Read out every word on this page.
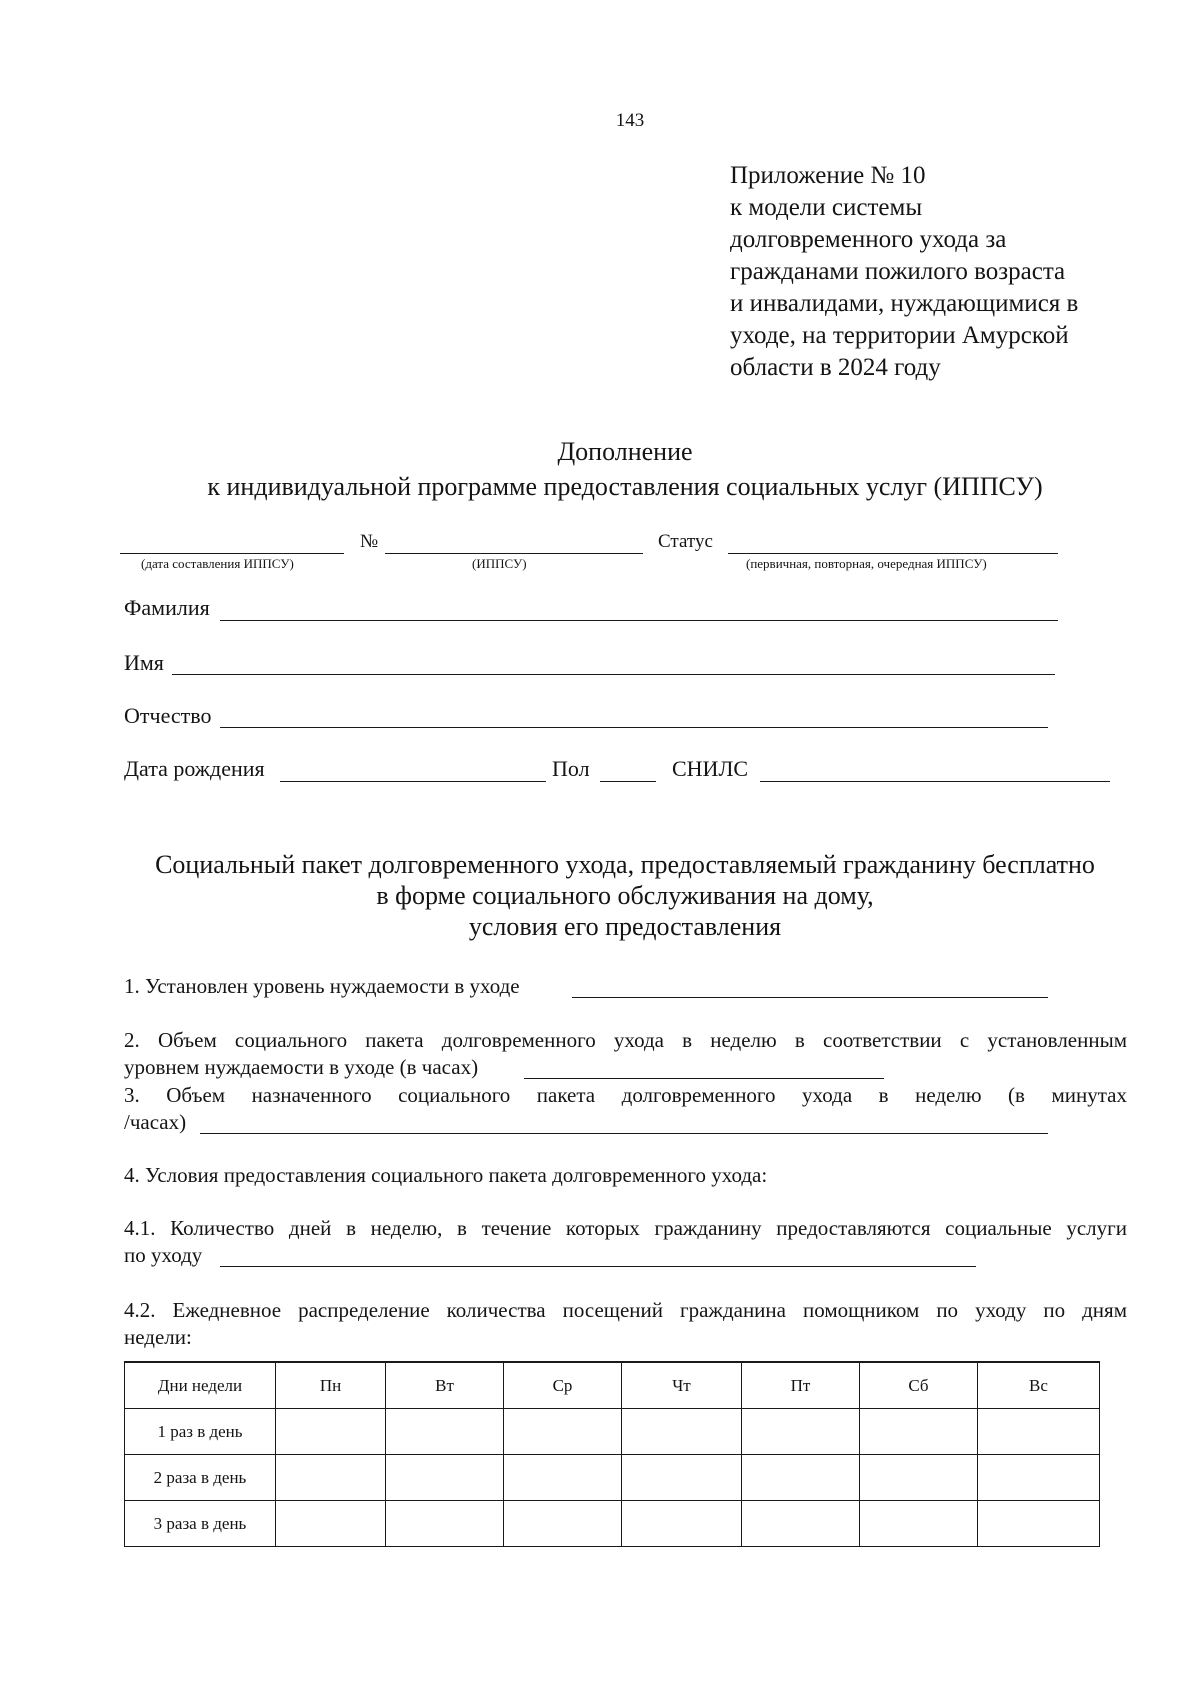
143
Приложение № 10
к модели системы
долговременного ухода за
гражданами пожилого возраста
и инвалидами, нуждающимися в
уходе, на территории Амурской
области в 2024 году
Дополнение
к индивидуальной программе предоставления социальных услуг (ИППСУ)
№	Статус
(дата составления ИППСУ)	(ИППСУ)	(первичная, повторная, очередная ИППСУ)
Фамилия
Имя
Отчество
Дата рождения	Пол	СНИЛС
Социальный пакет долговременного ухода, предоставляемый гражданину бесплатно
в форме социального обслуживания на дому,
условия его предоставления
1. Установлен уровень нуждаемости в уходе
2. Объем социального пакета долговременного ухода в неделю в соответствии с установленным
уровнем нуждаемости в уходе (в часах)
3. Объем назначенного социального пакета долговременного ухода в неделю (в минутах
/часах)
4. Условия предоставления социального пакета долговременного ухода:
4.1. Количество дней в неделю, в течение которых гражданину предоставляются социальные услуги
по уходу
4.2. Ежедневное распределение количества посещений гражданина помощником по уходу по дням
недели:
Дни недели	Пн	Вт	Ср	Чт	Пт	Сб	Вс
1 раз в день							
2 раза в день							
3 раза в день							
